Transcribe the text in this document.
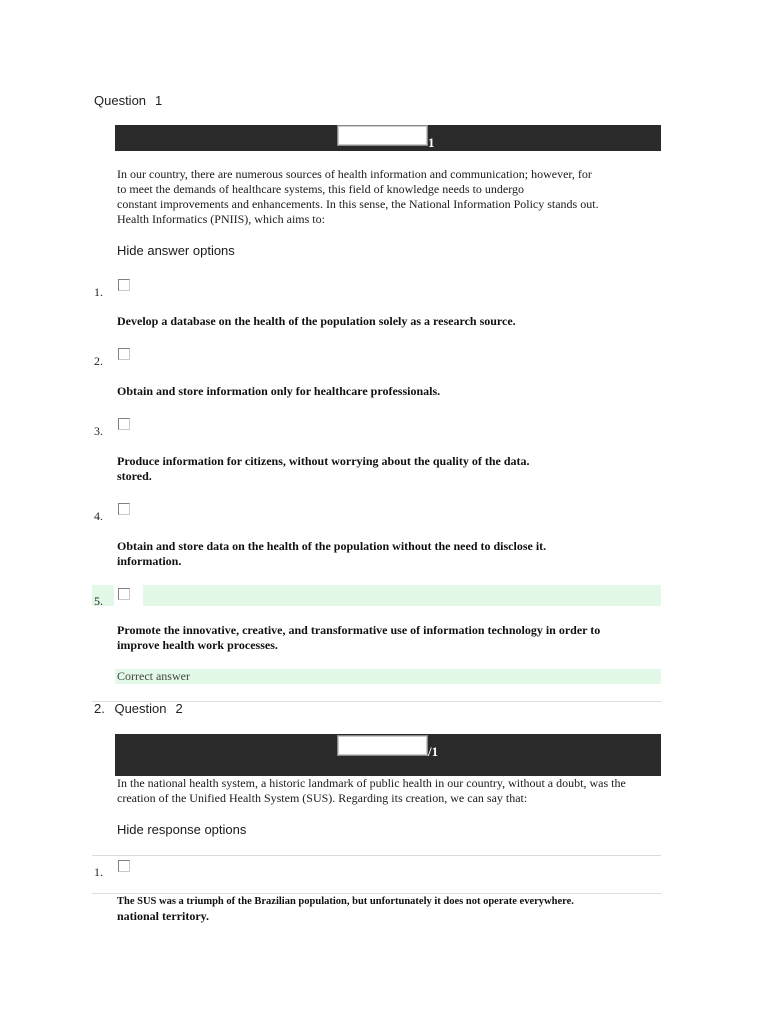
Question 1
1
In our country, there are numerous sources of health information and communication; however, for
to meet the demands of healthcare systems, this field of knowledge needs to undergo
constant improvements and enhancements. In this sense, the National Information Policy stands out.
Health Informatics (PNIIS), which aims to:
Hide answer options
1.
Develop a database on the health of the population solely as a research source.
2.
Obtain and store information only for healthcare professionals.
3.
Produce information for citizens, without worrying about the quality of the data.
stored.
4.
Obtain and store data on the health of the population without the need to disclose it.
information.
5.
Promote the innovative, creative, and transformative use of information technology in order to
improve health work processes.
Correct answer
2. Question 2
/1
In the national health system, a historic landmark of public health in our country, without a doubt, was the
creation of the Unified Health System (SUS). Regarding its creation, we can say that:
Hide response options
1.
The SUS was a triumph of the Brazilian population, but unfortunately it does not operate everywhere.
national territory.
